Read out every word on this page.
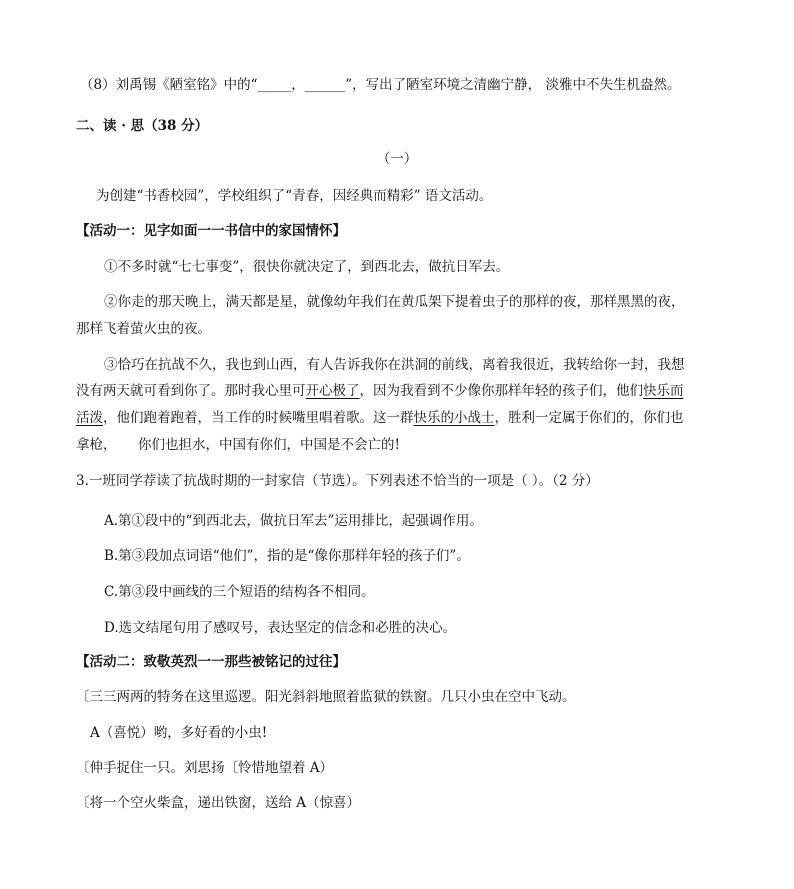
（8）刘禹锡《陋室铭》中的“_____，______”，写出了陋室环境之清幽宁静， 淡雅中不失生机盎然。
二、读 · 思（38 分）
（一）
为创建“书香校园”，学校组织了“青春，因经典而精彩” 语文活动。
【活动一：见字如面一一书信中的家国情怀】
①不多时就“七七事变”，很快你就决定了，到西北去，做抗日军去。
②你走的那天晚上，满天都是星，就像幼年我们在黄瓜架下提着虫子的那样的夜，那样黑黑的夜，
那样飞着萤火虫的夜。
③恰巧在抗战不久，我也到山西，有人告诉我你在洪洞的前线，离着我很近，我转给你一封，我想
没有两天就可看到你了。那时我心里可开心极了，因为我看到不少像你那样年轻的孩子们，他们快乐而
活泼，他们跑着跑着，当工作的时候嘴里唱着歌。这一群快乐的小战士，胜利一定属于你们的，你们也
拿枪，     你们也担水，中国有你们，中国是不会亡的!
3.一班同学荐读了抗战时期的一封家信（节选）。下列表述不恰当的一项是（ ）。（2 分）
A.第①段中的“到西北去，做抗日军去”运用排比，起强调作用。
B.第③段加点词语“他们”，指的是“像你那样年轻的孩子们”。
C.第③段中画线的三个短语的结构各不相同。
D.选文结尾句用了感叹号，表达坚定的信念和必胜的决心。
【活动二：致敬英烈一一那些被铭记的过往】
〔三三两两的特务在这里巡逻。阳光斜斜地照着监狱的铁窗。几只小虫在空中飞动。
A（喜悦）哟，多好看的小虫!
〔伸手捉住一只。刘思扬〔怜惜地望着 A）
〔将一个空火柴盒，递出铁窗，送给 A（惊喜）
